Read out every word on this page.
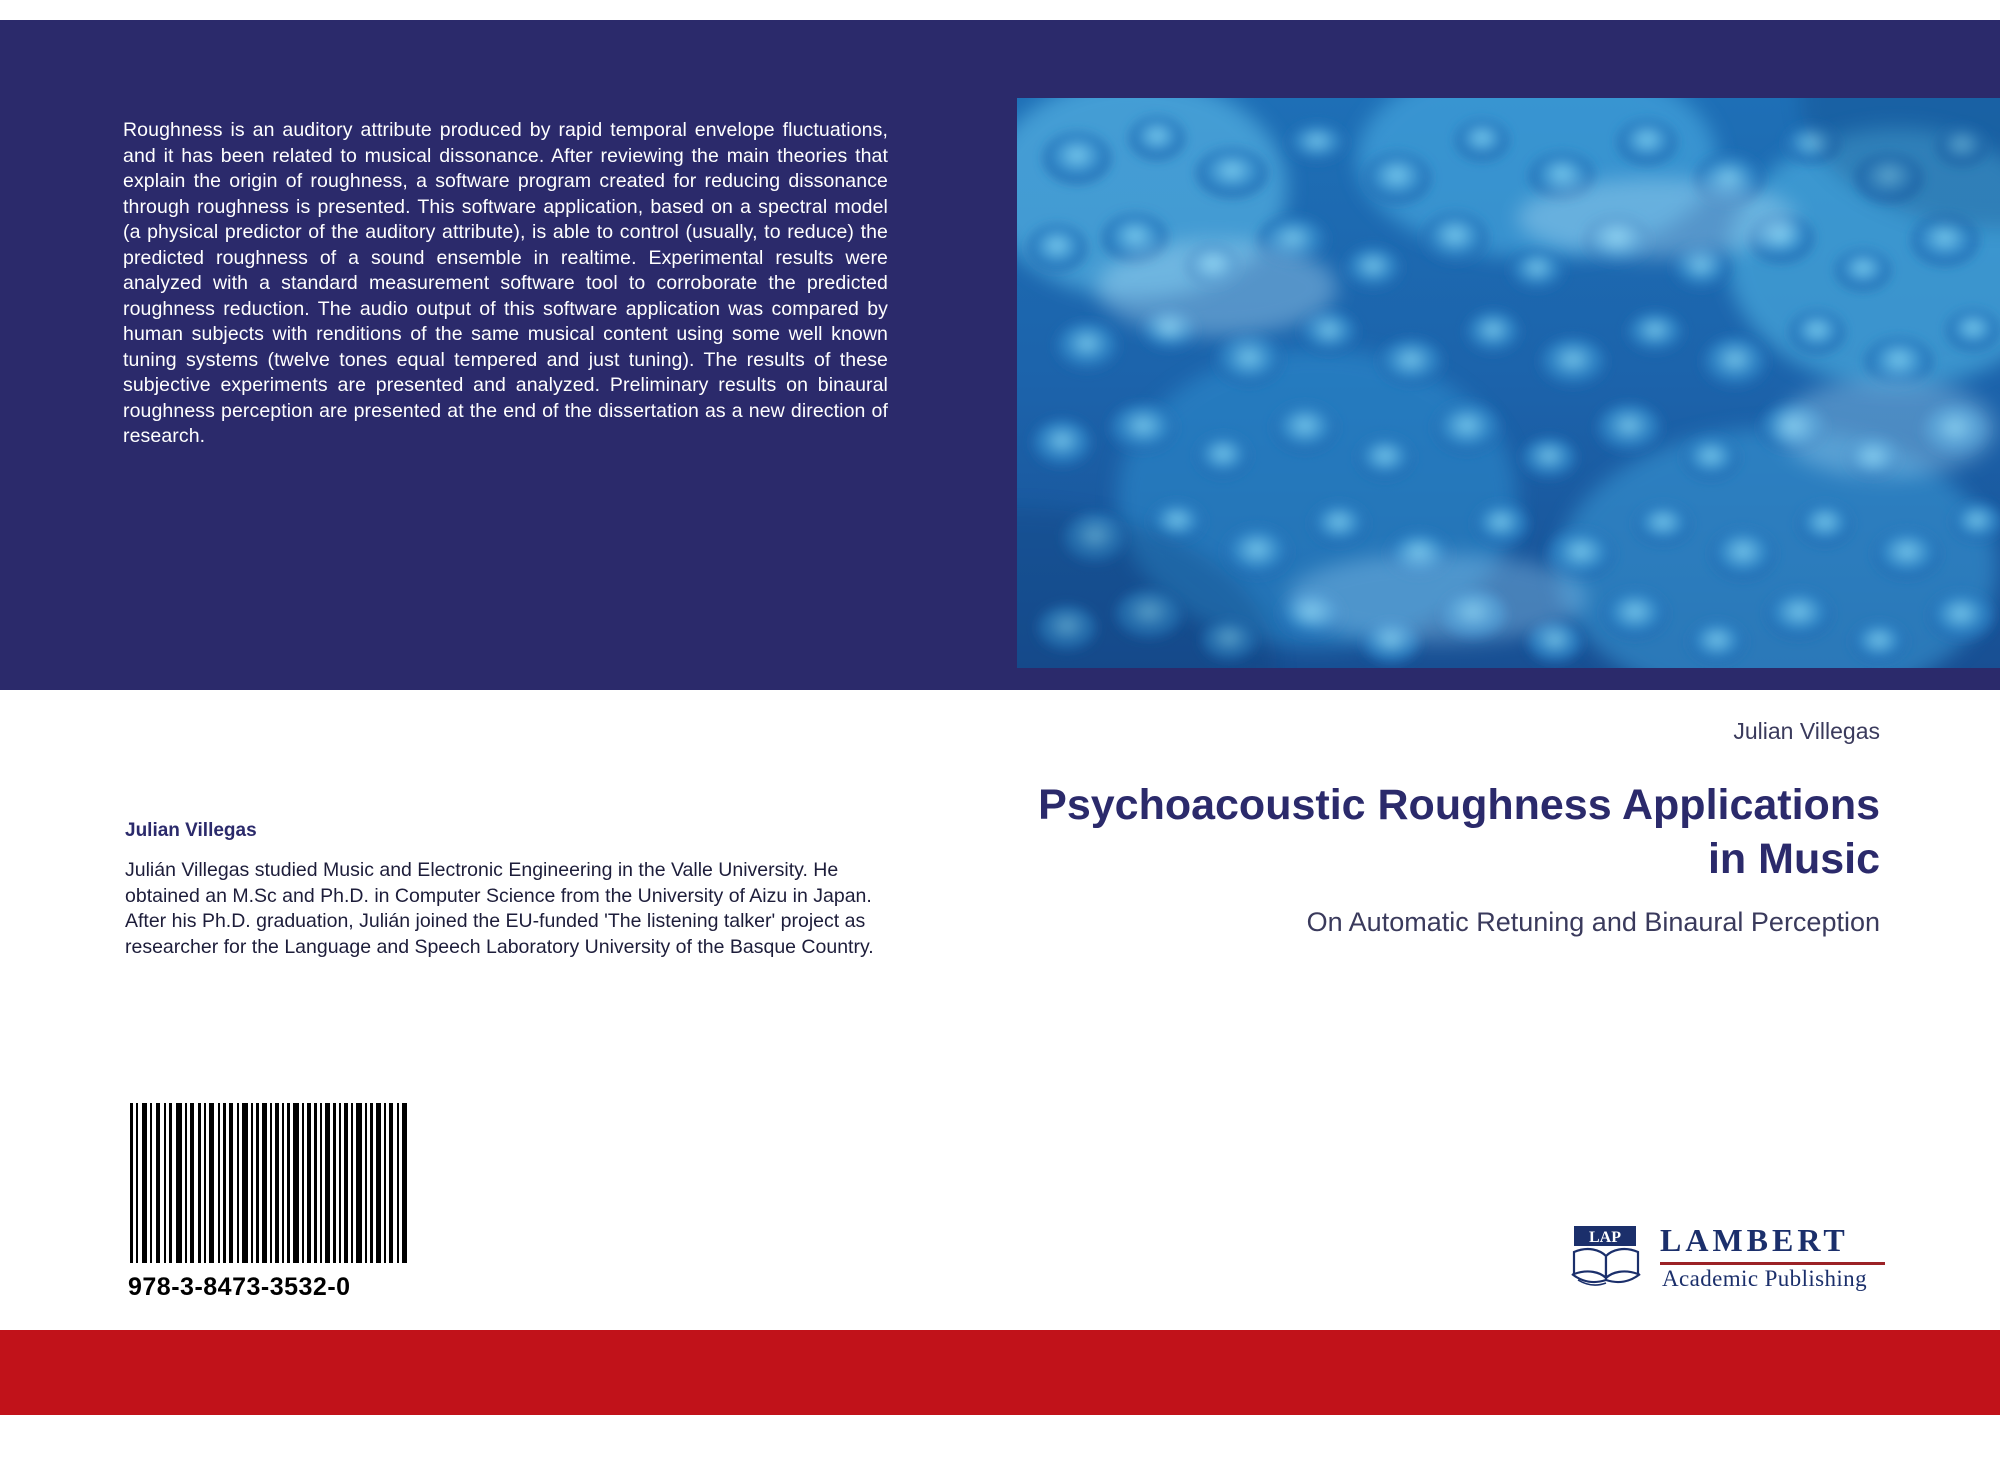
Roughness is an auditory attribute produced by rapid temporal envelope fluctuations, and it has been related to musical dissonance. After reviewing the main theories that explain the origin of roughness, a software program created for reducing dissonance through roughness is presented. This software application, based on a spectral model (a physical predictor of the auditory attribute), is able to control (usually, to reduce) the predicted roughness of a sound ensemble in realtime. Experimental results were analyzed with a standard measurement software tool to corroborate the predicted roughness reduction. The audio output of this software application was compared by human subjects with renditions of the same musical content using some well known tuning systems (twelve tones equal tempered and just tuning). The results of these subjective experiments are presented and analyzed. Preliminary results on binaural roughness perception are presented at the end of the dissertation as a new direction of research.
Julian Villegas
Psychoacoustic Roughness Applications in Music
On Automatic Retuning and Binaural Perception
Julian Villegas
Julián Villegas studied Music and Electronic Engineering in the Valle University. He obtained an M.Sc and Ph.D. in Computer Science from the University of Aizu in Japan. After his Ph.D. graduation, Julián joined the EU-funded 'The listening talker' project as researcher for the Language and Speech Laboratory University of the Basque Country.
978-3-8473-3532-0
LAP LAMBERT
Academic Publishing
